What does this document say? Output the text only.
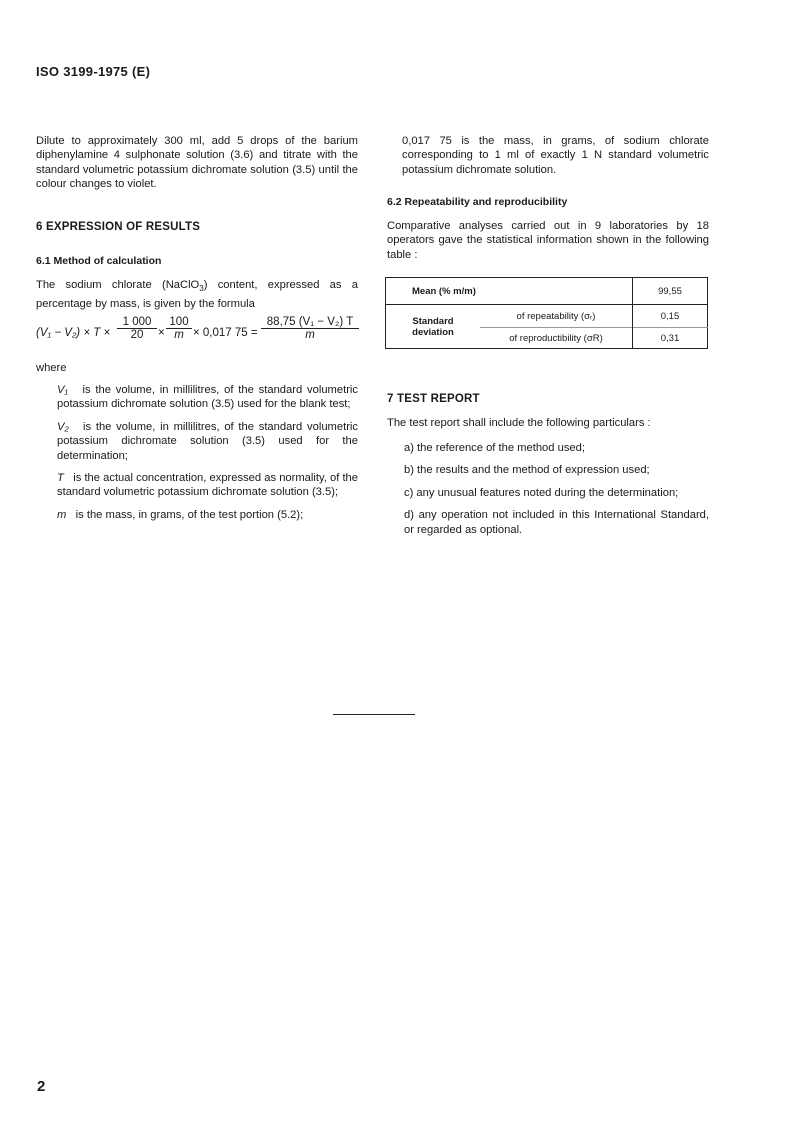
ISO 3199-1975 (E)
Dilute to approximately 300 ml, add 5 drops of the barium diphenylamine 4 sulphonate solution (3.6) and titrate with the standard volumetric potassium dichromate solution (3.5) until the colour changes to violet.
6 EXPRESSION OF RESULTS
6.1 Method of calculation
The sodium chlorate (NaClO$_3$) content, expressed as a percentage by mass, is given by the formula
$(V_1 - V_2) \times T \times \frac{1 000}{20} \times \frac{100}{m} \times 0,017$ $75 = \frac{\text{88,75 (V₁ − V₂) T}}{m}$
where

V₁ is the volume, in millilitres, of the standard volumetric potassium dichromate solution (3.5) used for the blank test;

V₂ is the volume, in millilitres, of the standard volumetric potassium dichromate solution (3.5) used for the determination;

T is the actual concentration, expressed as normality, of the standard volumetric potassium dichromate solution (3.5);

m is the mass, in grams, of the test portion (5.2);

0,017 75 is the mass, in grams, of sodium chlorate corresponding to 1 ml of exactly 1 N standard volumetric potassium dichromate solution.
6.2 Repeatability and reproducibility
Comparative analyses carried out in 9 laboratories by 18 operators gave the statistical information shown in the following table :
Mean (% m/m)		99,55

Standard
deviation	of repeatability (σᵣ)	0,15
	of reproductibility (σR)	0,31
7 TEST REPORT
The test report shall include the following particulars :

a) the reference of the method used;

b) the results and the method of expression used;

c) any unusual features noted during the determination;

d) any operation not included in this International Standard, or regarded as optional.

2
